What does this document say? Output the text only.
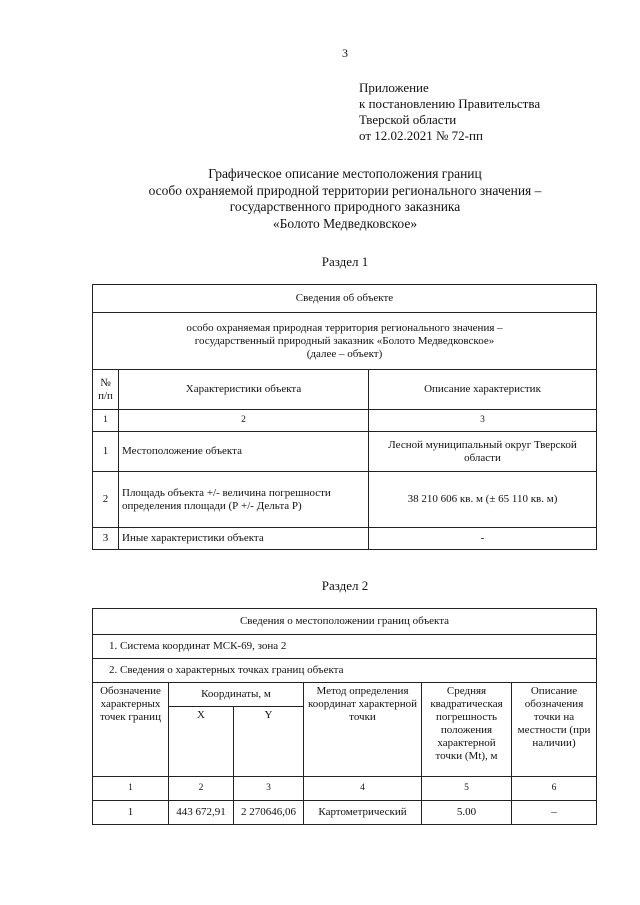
3
Приложение
к постановлению Правительства
Тверской области
от 12.02.2021 № 72-пп
Графическое описание местоположения границ
особо охраняемой природной территории регионального значения –
государственного природного заказника
«Болото Медведковское»
Раздел 1
Сведения об объекте		

особо охраняемая природная территория регионального значения –
государственный природный заказник «Болото Медведковское»
(далее – объект)		

№ п/п	Характеристики объекта	Описание характеристик
1	2	3
1	Местоположение объекта	Лесной муниципальный округ Тверской области
2	Площадь объекта +/- величина погрешности определения площади (Р +/- Дельта Р)	38 210 606 кв. м (± 65 110 кв. м)
3	Иные характеристики объекта	-
Раздел 2
Сведения о местоположении границ объекта					
1. Система координат МСК-69, зона 2					
2. Сведения о характерных точках границ объекта					
Обозначение характерных точек границ	Координаты, м		Метод определения координат характерной точки	Средняя квадратическая погрешность положения характерной точки (Mt), м	Описание обозначения точки на местности (при наличии)
	X	Y			
1	2	3	4	5	6
1	443 672,91	2 270646,06	Картометрический	5.00	–
